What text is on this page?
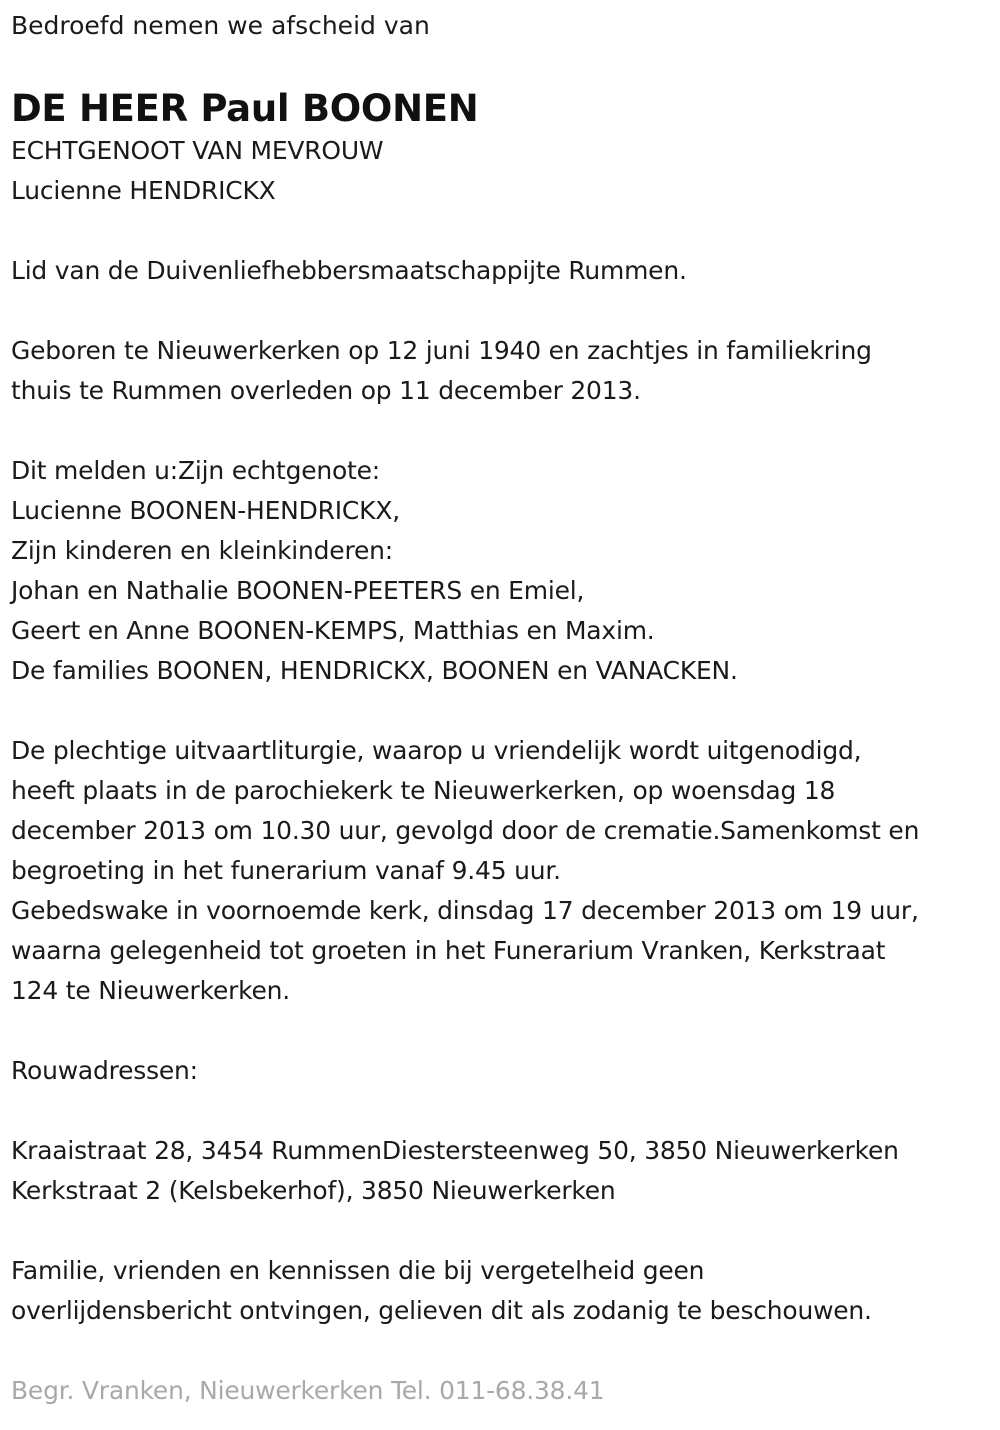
Bedroefd nemen we afscheid van
DE HEER Paul BOONEN
ECHTGENOOT VAN MEVROUW
Lucienne HENDRICKX
Lid van de Duivenliefhebbersmaatschappijte Rummen.
Geboren te Nieuwerkerken op 12 juni 1940 en zachtjes in familiekring
thuis te Rummen overleden op 11 december 2013.
Dit melden u:Zijn echtgenote:
Lucienne BOONEN-HENDRICKX,
Zijn kinderen en kleinkinderen:
Johan en Nathalie BOONEN-PEETERS en Emiel,
Geert en Anne BOONEN-KEMPS, Matthias en Maxim.
De families BOONEN, HENDRICKX, BOONEN en VANACKEN.
De plechtige uitvaartliturgie, waarop u vriendelijk wordt uitgenodigd,
heeft plaats in de parochiekerk te Nieuwerkerken, op woensdag 18
december 2013 om 10.30 uur, gevolgd door de crematie.Samenkomst en
begroeting in het funerarium vanaf 9.45 uur.
Gebedswake in voornoemde kerk, dinsdag 17 december 2013 om 19 uur,
waarna gelegenheid tot groeten in het Funerarium Vranken, Kerkstraat
124 te Nieuwerkerken.
Rouwadressen:
Kraaistraat 28, 3454 RummenDiestersteenweg 50, 3850 Nieuwerkerken
Kerkstraat 2 (Kelsbekerhof), 3850 Nieuwerkerken
Familie, vrienden en kennissen die bij vergetelheid geen
overlijdensbericht ontvingen, gelieven dit als zodanig te beschouwen.
Begr. Vranken, Nieuwerkerken Tel. 011-68.38.41
